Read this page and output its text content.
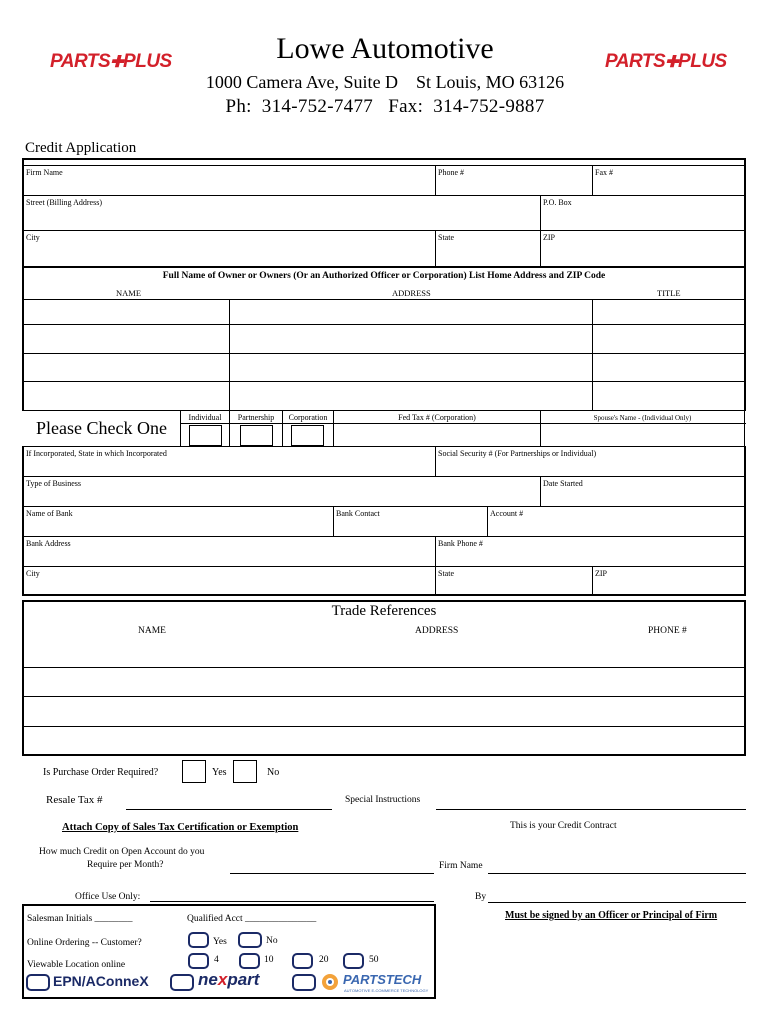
PARTS✚PLUS	PARTS✚PLUS
Lowe Automotive
1000 Camera Ave, Suite D    St Louis, MO 63126
Ph:  314-752-7477   Fax:  314-752-9887
Credit Application
Firm Name	Phone #	Fax #
Street (Billing Address)	P.O. Box
City	State	ZIP
Full Name of Owner or Owners (Or an Authorized Officer or Corporation) List Home Address and ZIP Code
NAME	ADDRESS	TITLE
Please Check One
Individual	Partnership	Corporation	Fed Tax # (Corporation)	Spouse's Name - (Individual Only)
If Incorporated, State in which Incorporated	Social Security # (For Partnerships or Individual)
Type of Business	Date Started
Name of Bank	Bank Contact	Account #
Bank Address	Bank Phone #
City	State	ZIP
Trade References
NAME	ADDRESS	PHONE #
Is Purchase Order Required?	Yes	No
Resale Tax #	Special Instructions
Attach Copy of Sales Tax Certification or Exemption	This is your Credit Contract
How much Credit on Open Account do you
Require per Month?	Firm Name
Office Use Only:	By
Must be signed by an Officer or Principal of Firm
Salesman Initials ________	Qualified Acct _______________
Online Ordering -- Customer?	Yes	No
Viewable Location online	4	10	20	50
EPN/AConneX	nexpart	PARTSTECH
AUTOMOTIVE E-COMMERCE TECHNOLOGY
